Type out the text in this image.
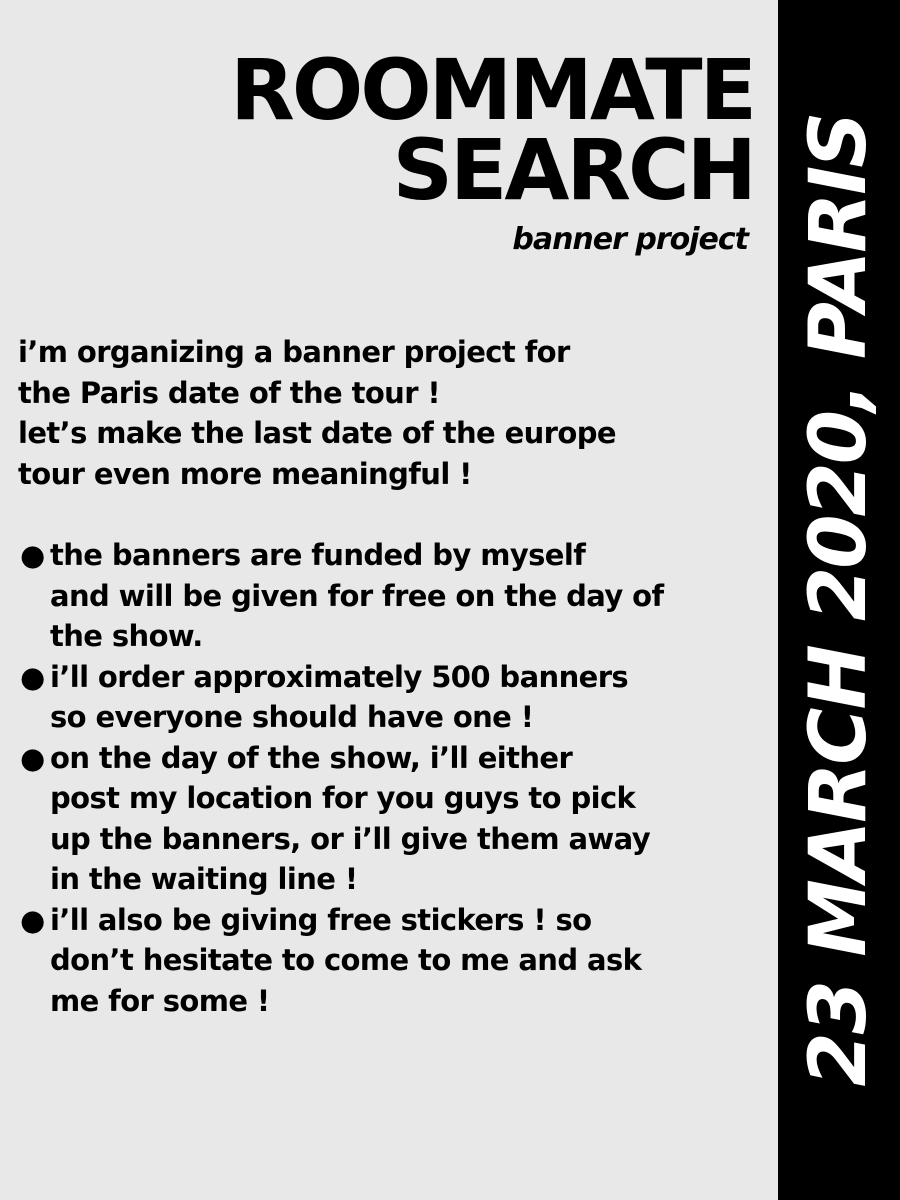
ROOMMATE
SEARCH
banner project
i’m organizing a banner project for
the Paris date of the tour !
let’s make the last date of the europe
tour even more meaningful !
● the banners are funded by myself
and will be given for free on the day of
the show.
● i’ll order approximately 500 banners
so everyone should have one !
● on the day of the show, i’ll either
post my location for you guys to pick
up the banners, or i’ll give them away
in the waiting line !
● i’ll also be giving free stickers ! so
don’t hesitate to come to me and ask
me for some !	23 MARCH 2020, PARIS
